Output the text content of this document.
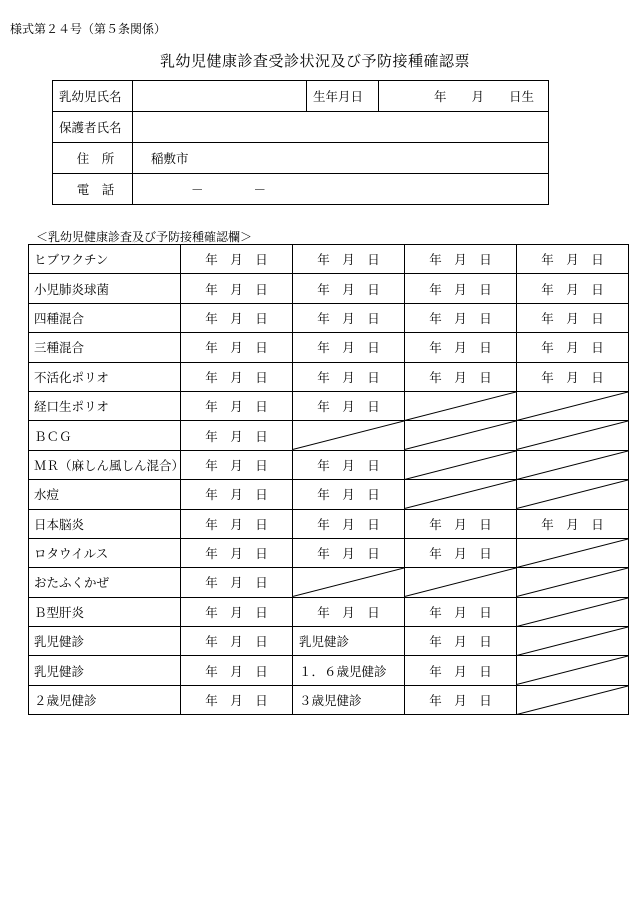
様式第２４号（第５条関係）
乳幼児健康診査受診状況及び予防接種確認票
乳幼児氏名		生年月日	年　　月　　日生
保護者氏名			
住　所	稲敷市		
電　話	－　　　　－		
＜乳幼児健康診査及び予防接種確認欄＞
ヒブワクチン	年　月　日	年　月　日	年　月　日	年　月　日
小児肺炎球菌	年　月　日	年　月　日	年　月　日	年　月　日
四種混合	年　月　日	年　月　日	年　月　日	年　月　日
三種混合	年　月　日	年　月　日	年　月　日	年　月　日
不活化ポリオ	年　月　日	年　月　日	年　月　日	年　月　日
経口生ポリオ	年　月　日	年　月　日	

ＢＣＧ	年　月　日	

ＭＲ（麻しん風しん混合）	年　月　日	年　月　日	

水痘	年　月　日	年　月　日	

日本脳炎	年　月　日	年　月　日	年　月　日	年　月　日
ロタウイルス	年　月　日	年　月　日	年　月　日	

おたふくかぜ	年　月　日	

Ｂ型肝炎	年　月　日	年　月　日	年　月　日	

乳児健診	年　月　日	乳児健診	年　月　日	

乳児健診	年　月　日	１．６歳児健診	年　月　日	

２歳児健診	年　月　日	３歳児健診	年　月　日	
